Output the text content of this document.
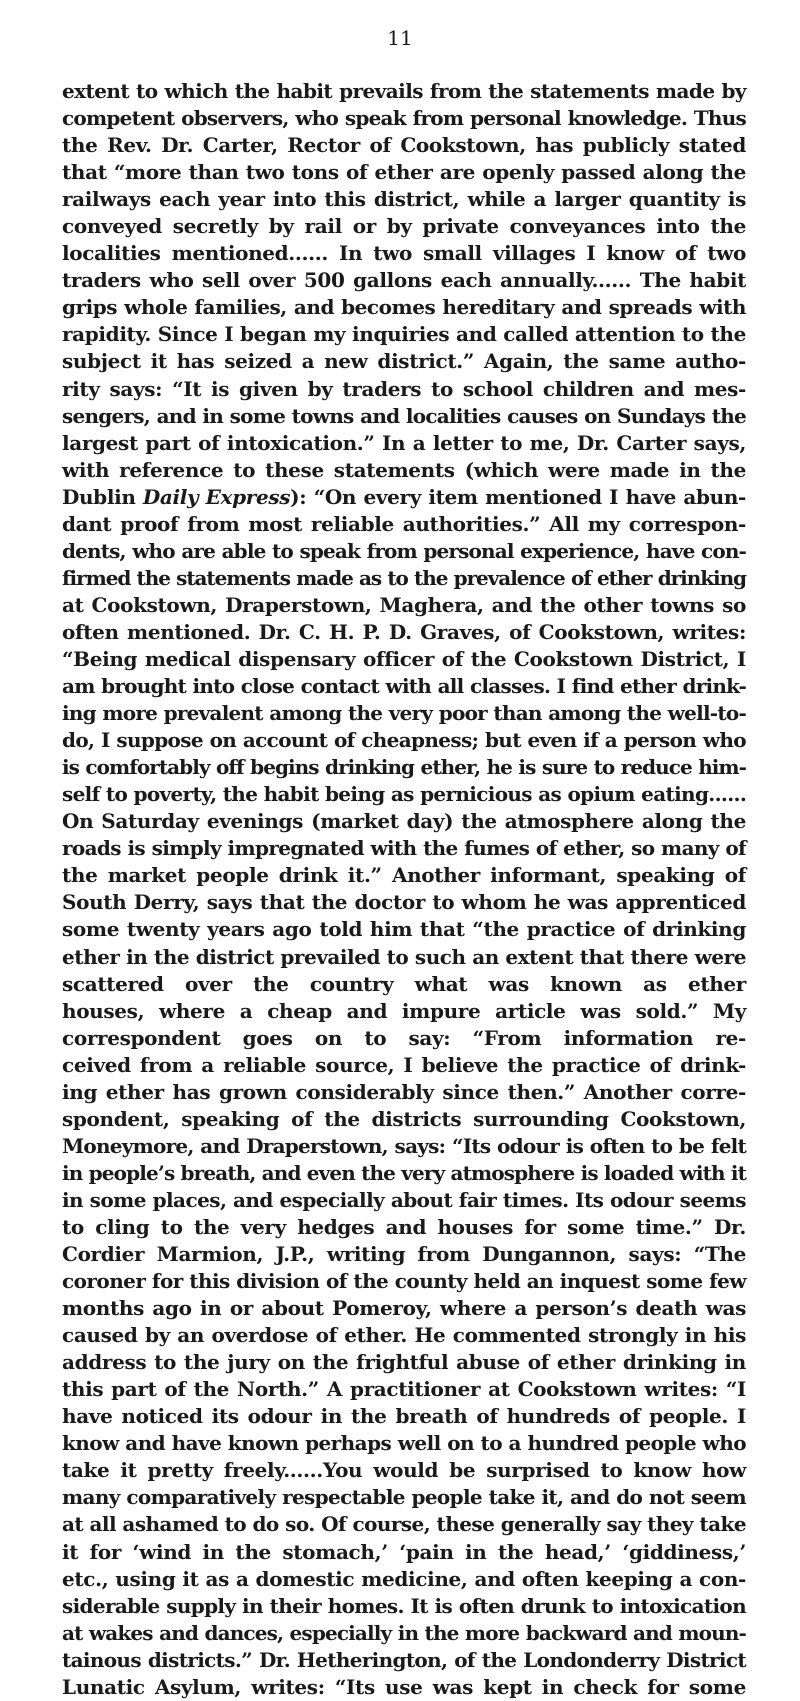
11
extent to which the habit prevails from the statements made by
competent observers, who speak from personal knowledge. Thus
the Rev. Dr. Carter, Rector of Cookstown, has publicly stated
that “more than two tons of ether are openly passed along the
railways each year into this district, while a larger quantity is
conveyed secretly by rail or by private conveyances into the
localities mentioned...... In two small villages I know of two
traders who sell over 500 gallons each annually...... The habit
grips whole families, and becomes hereditary and spreads with
rapidity. Since I began my inquiries and called attention to the
subject it has seized a new district.” Again, the same autho-
rity says: “It is given by traders to school children and mes-
sengers, and in some towns and localities causes on Sundays the
largest part of intoxication.” In a letter to me, Dr. Carter says,
with reference to these statements (which were made in the
Dublin Daily Express): “On every item mentioned I have abun-
dant proof from most reliable authorities.” All my correspon-
dents, who are able to speak from personal experience, have con-
firmed the statements made as to the prevalence of ether drinking
at Cookstown, Draperstown, Maghera, and the other towns so
often mentioned. Dr. C. H. P. D. Graves, of Cookstown, writes:
“Being medical dispensary officer of the Cookstown District, I
am brought into close contact with all classes. I find ether drink-
ing more prevalent among the very poor than among the well-to-
do, I suppose on account of cheapness; but even if a person who
is comfortably off begins drinking ether, he is sure to reduce him-
self to poverty, the habit being as pernicious as opium eating......
On Saturday evenings (market day) the atmosphere along the
roads is simply impregnated with the fumes of ether, so many of
the market people drink it.” Another informant, speaking of
South Derry, says that the doctor to whom he was apprenticed
some twenty years ago told him that “the practice of drinking
ether in the district prevailed to such an extent that there were
scattered over the country what was known as ether
houses, where a cheap and impure article was sold.” My
correspondent goes on to say: “From information re-
ceived from a reliable source, I believe the practice of drink-
ing ether has grown considerably since then.” Another corre-
spondent, speaking of the districts surrounding Cookstown,
Moneymore, and Draperstown, says: “Its odour is often to be felt
in people’s breath, and even the very atmosphere is loaded with it
in some places, and especially about fair times. Its odour seems
to cling to the very hedges and houses for some time.” Dr.
Cordier Marmion, J.P., writing from Dungannon, says: “The
coroner for this division of the county held an inquest some few
months ago in or about Pomeroy, where a person’s death was
caused by an overdose of ether. He commented strongly in his
address to the jury on the frightful abuse of ether drinking in
this part of the North.” A practitioner at Cookstown writes: “I
have noticed its odour in the breath of hundreds of people. I
know and have known perhaps well on to a hundred people who
take it pretty freely......You would be surprised to know how
many comparatively respectable people take it, and do not seem
at all ashamed to do so. Of course, these generally say they take
it for ‘wind in the stomach,’ ‘pain in the head,’ ‘giddiness,’
etc., using it as a domestic medicine, and often keeping a con-
siderable supply in their homes. It is often drunk to intoxication
at wakes and dances, especially in the more backward and moun-
tainous districts.” Dr. Hetherington, of the Londonderry District
Lunatic Asylum, writes: “Its use was kept in check for some
